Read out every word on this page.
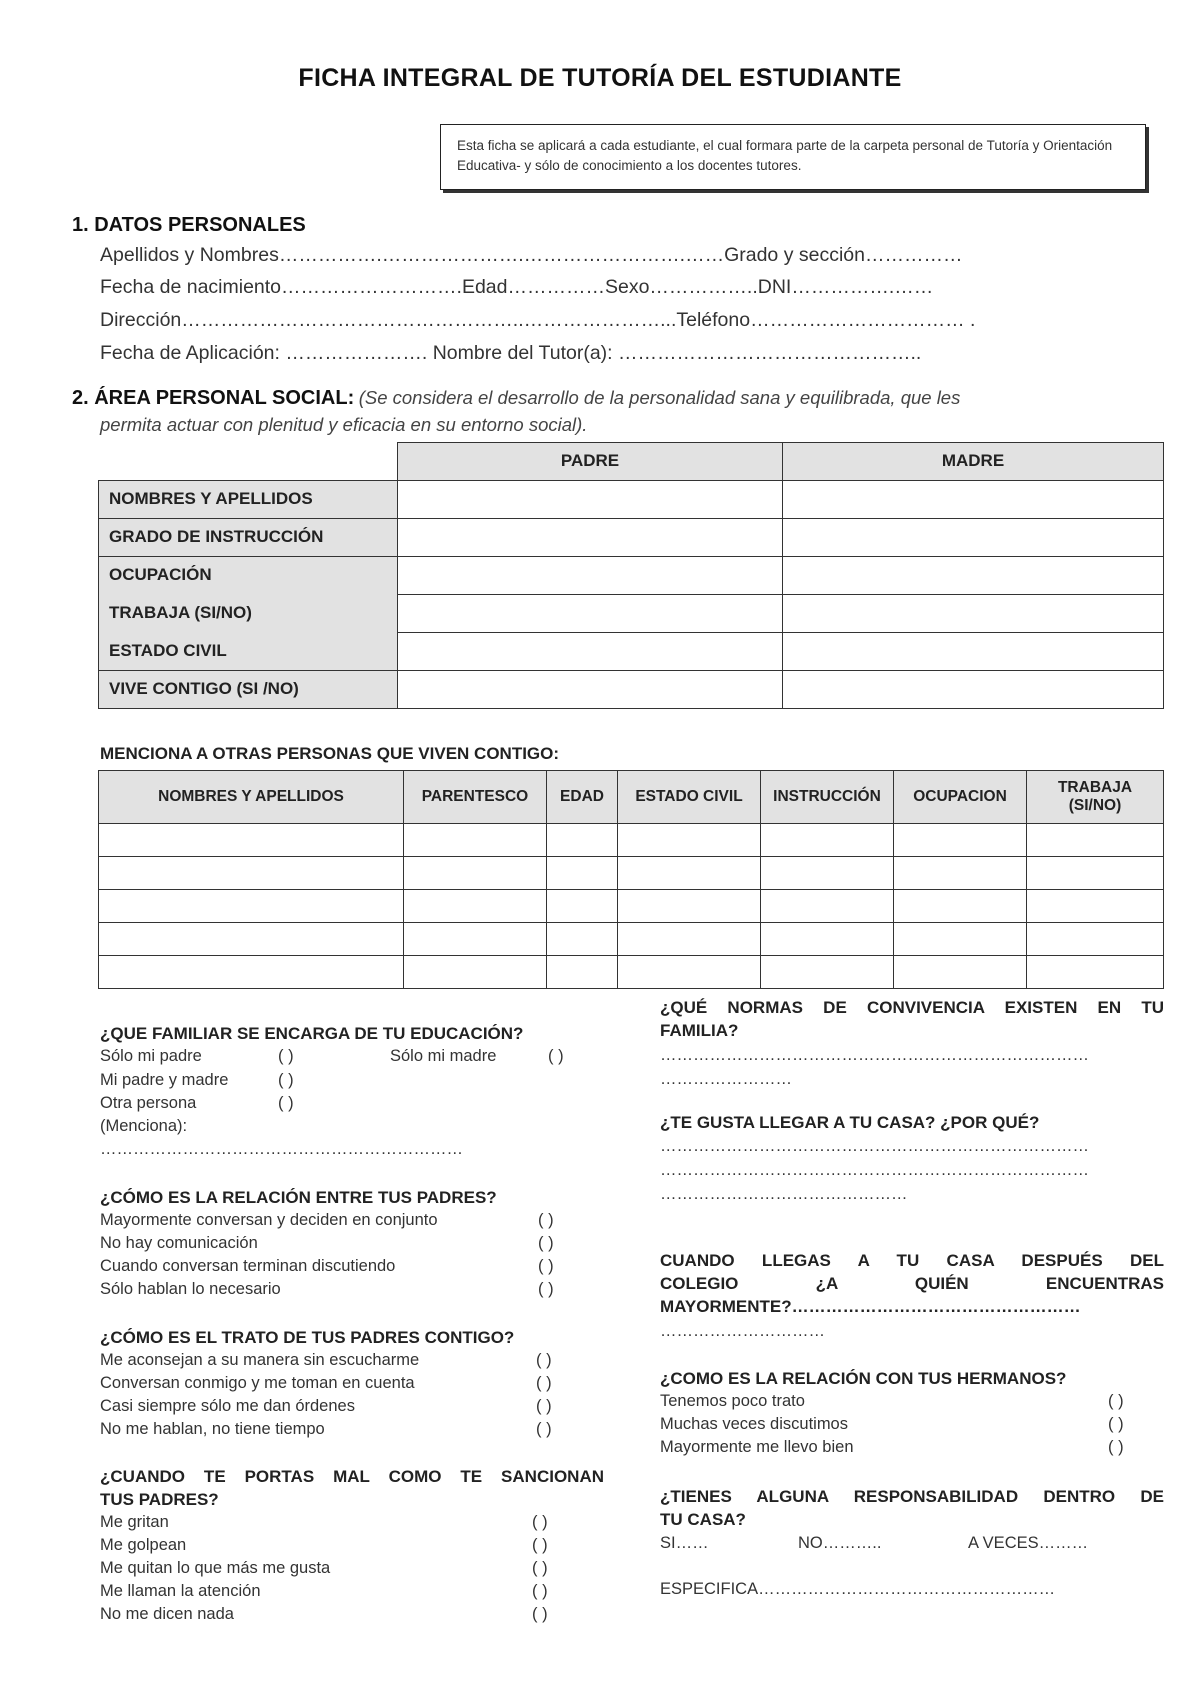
FICHA INTEGRAL DE TUTORÍA DEL ESTUDIANTE
Esta ficha se aplicará a cada estudiante, el cual formara parte de la carpeta personal de Tutoría y Orientación Educativa- y sólo de conocimiento a los docentes tutores.
1. DATOS PERSONALES
Apellidos y Nombres…………….………………….…………………….……Grado y sección……………
Fecha de nacimiento……………………….Edad……………Sexo……………..DNI…………….……
Dirección……………………………………………..…………………...Teléfono…………………………… .
Fecha de Aplicación: …………………. Nombre del Tutor(a): ………………………………………..
2. ÁREA PERSONAL SOCIAL: (Se considera el desarrollo de la personalidad sana y equilibrada, que les
permita actuar con plenitud y eficacia en su entorno social).
	PADRE	MADRE
NOMBRES Y APELLIDOS		
GRADO DE INSTRUCCIÓN		
OCUPACIÓN		
TRABAJA (SI/NO)		
ESTADO CIVIL		
VIVE CONTIGO (SI /NO)		
MENCIONA A OTRAS PERSONAS QUE VIVEN CONTIGO:
NOMBRES Y APELLIDOS	PARENTESCO	EDAD	ESTADO CIVIL	INSTRUCCIÓN	OCUPACION	TRABAJA
(SI/NO)

¿QUE FAMILIAR SE ENCARGA DE TU EDUCACIÓN?
Sólo mi padre	( )	Sólo mi madre	( )
Mi padre y madre	( )
Otra persona	( )
(Menciona):
…………………………………………………………
¿CÓMO ES LA RELACIÓN ENTRE TUS PADRES?
Mayormente conversan y deciden en conjunto	( )
No hay comunicación	( )
Cuando conversan terminan discutiendo	( )
Sólo hablan lo necesario	( )
¿CÓMO ES EL TRATO DE TUS PADRES CONTIGO?
Me aconsejan a su manera sin escucharme	( )
Conversan conmigo y me toman en cuenta	( )
Casi siempre sólo me dan órdenes	( )
No me hablan, no tiene tiempo	( )
¿CUANDO TE PORTAS MAL COMO TE SANCIONAN
TUS PADRES?
Me gritan	( )
Me golpean	( )
Me quitan lo que más me gusta	( )
Me llaman la atención	( )
No me dicen nada	( )
¿QUÉ NORMAS DE CONVIVENCIA EXISTEN EN TU
FAMILIA?
……………………………………………………………………
……………………
¿TE GUSTA LLEGAR A TU CASA? ¿POR QUÉ?
……………………………………………………………………
……………………………………………………………………
………………………………………
CUANDO LLEGAS A TU CASA DESPUÉS DEL
COLEGIO ¿A QUIÉN ENCUENTRAS
MAYORMENTE?……………………………………………
…………………………
¿COMO ES LA RELACIÓN CON TUS HERMANOS?
Tenemos poco trato	( )
Muchas veces discutimos	( )
Mayormente me llevo bien	( )
¿TIENES ALGUNA RESPONSABILIDAD DENTRO DE
TU CASA?
SI……	NO………..	A VECES………
ESPECIFICA………………………………………………
